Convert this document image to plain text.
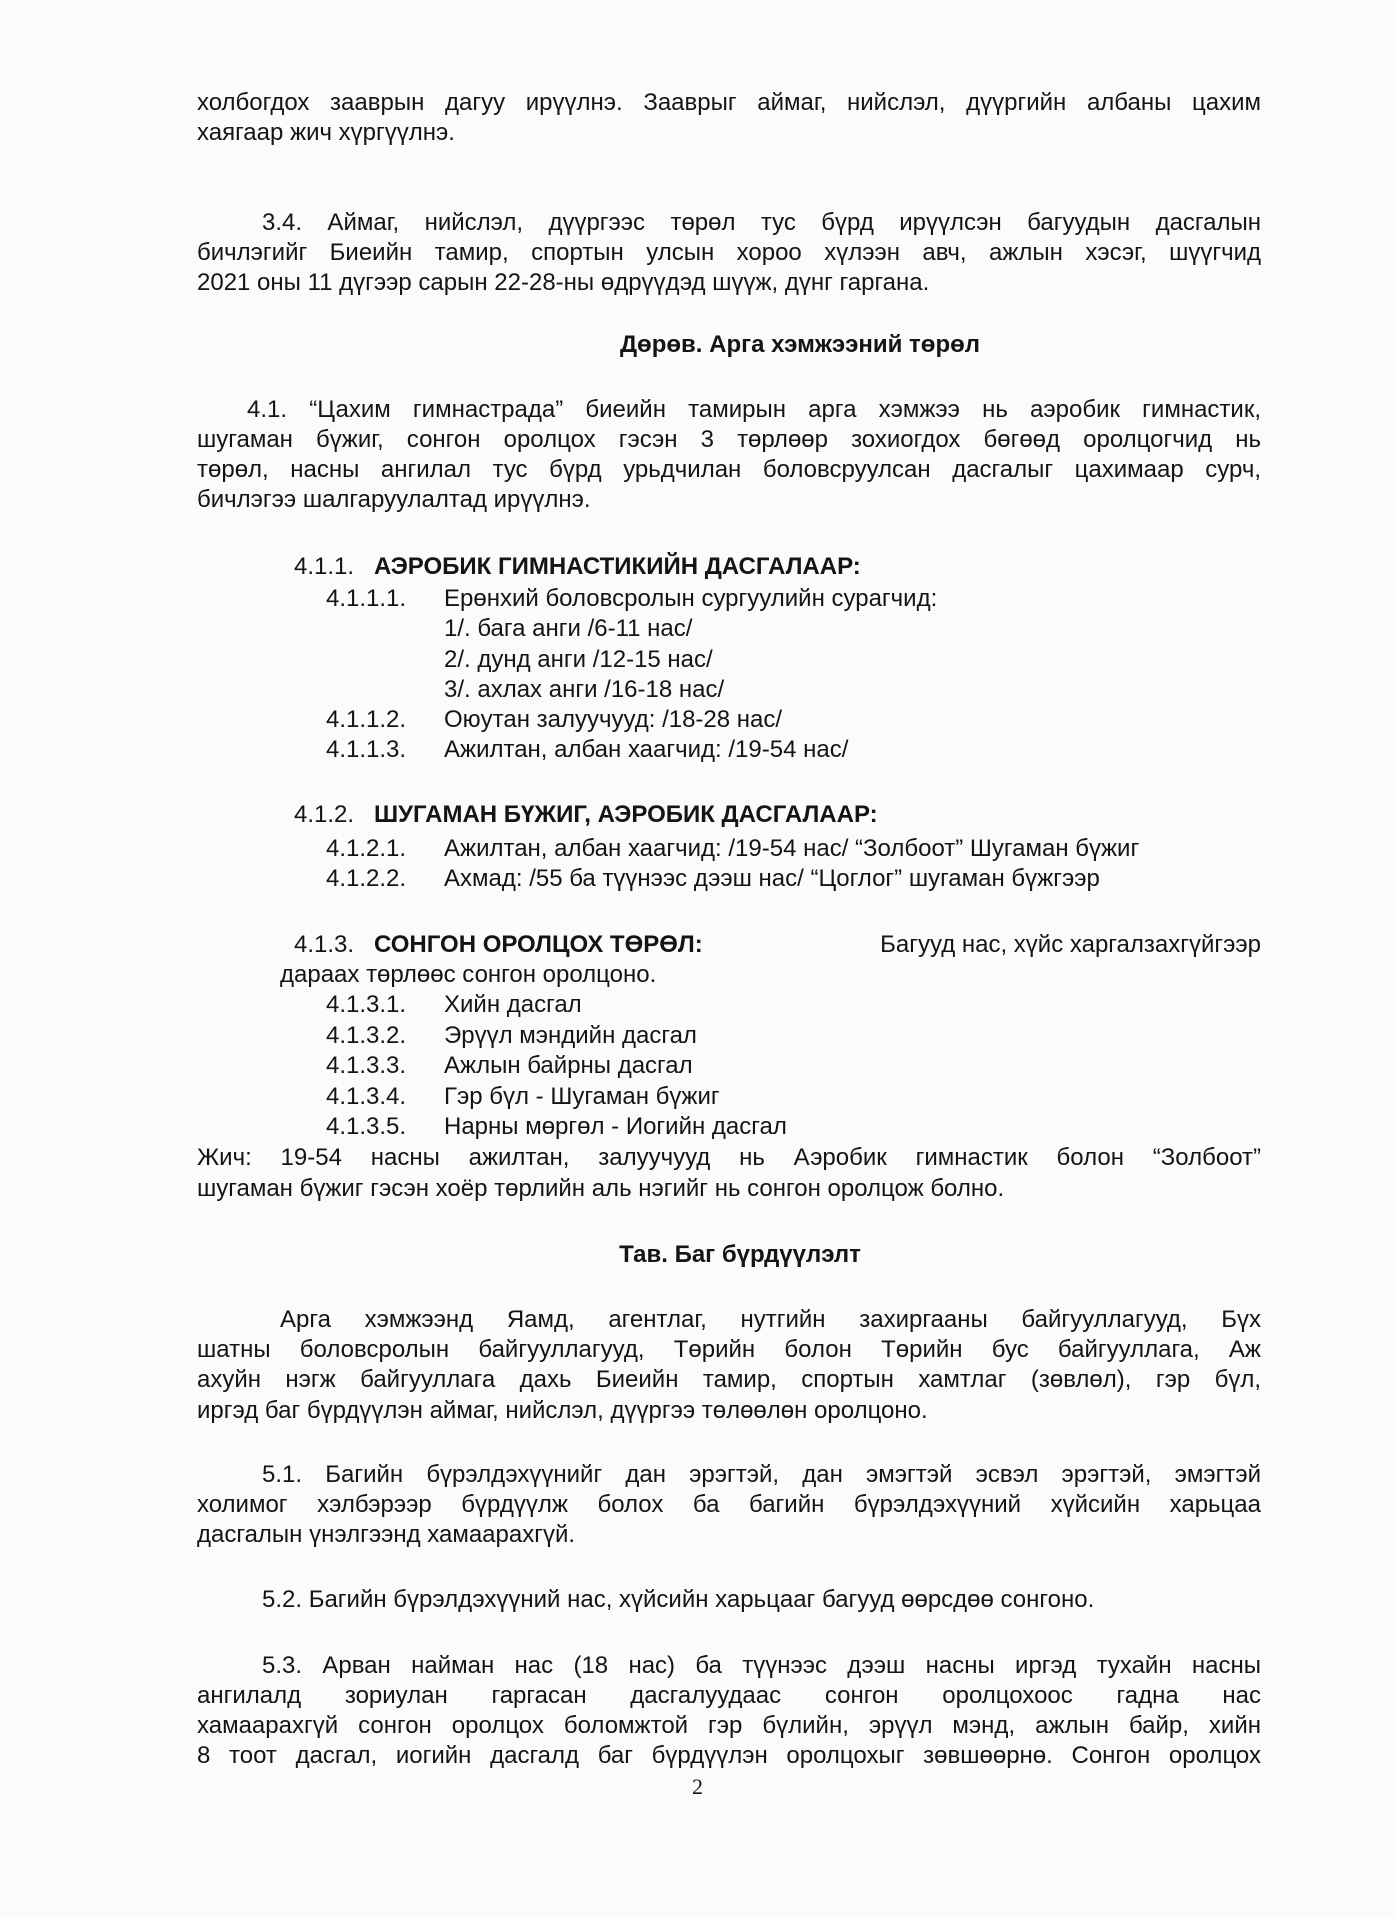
холбогдох зааврын дагуу ирүүлнэ. Зааврыг аймаг, нийслэл, дүүргийн албаны цахим
хаягаар жич хүргүүлнэ.
3.4. Аймаг, нийслэл, дүүргээс төрөл тус бүрд ирүүлсэн багуудын дасгалын
бичлэгийг Биеийн тамир, спортын улсын хороо хүлээн авч, ажлын хэсэг, шүүгчид
2021 оны 11 дүгээр сарын 22-28-ны өдрүүдэд шүүж, дүнг гаргана.
Дөрөв. Арга хэмжээний төрөл
4.1. “Цахим гимнастрада” биеийн тамирын арга хэмжээ нь аэробик гимнастик,
шугаман бүжиг, сонгон оролцох гэсэн 3 төрлөөр зохиогдох бөгөөд оролцогчид нь
төрөл, насны ангилал тус бүрд урьдчилан боловсруулсан дасгалыг цахимаар сурч,
бичлэгээ шалгаруулалтад ирүүлнэ.
4.1.1. АЭРОБИК ГИМНАСТИКИЙН ДАСГАЛААР:
4.1.1.1. Ерөнхий боловсролын сургуулийн сурагчид:
1/. бага анги /6-11 нас/
2/. дунд анги /12-15 нас/
3/. ахлах анги /16-18 нас/
4.1.1.2. Оюутан залуучууд: /18-28 нас/
4.1.1.3. Ажилтан, албан хаагчид: /19-54 нас/
4.1.2. ШУГАМАН БҮЖИГ, АЭРОБИК ДАСГАЛААР:
4.1.2.1. Ажилтан, албан хаагчид: /19-54 нас/ “Золбоот” Шугаман бүжиг
4.1.2.2. Ахмад: /55 ба түүнээс дээш нас/ “Цоглог” шугаман бүжгээр
4.1.3. СОНГОН ОРОЛЦОХ ТӨРӨЛ:	Багууд нас, хүйс харгалзахгүйгээр
дараах төрлөөс сонгон оролцоно.
4.1.3.1. Хийн дасгал
4.1.3.2. Эрүүл мэндийн дасгал
4.1.3.3. Ажлын байрны дасгал
4.1.3.4. Гэр бүл - Шугаман бүжиг
4.1.3.5. Нарны мөргөл - Иогийн дасгал
Жич: 19-54 насны ажилтан, залуучууд нь Аэробик гимнастик болон “Золбоот”
шугаман бүжиг гэсэн хоёр төрлийн аль нэгийг нь сонгон оролцож болно.
Тав. Баг бүрдүүлэлт
Арга хэмжээнд Яамд, агентлаг, нутгийн захиргааны байгууллагууд, Бүх
шатны боловсролын байгууллагууд, Төрийн болон Төрийн бус байгууллага, Аж
ахуйн нэгж байгууллага дахь Биеийн тамир, спортын хамтлаг (зөвлөл), гэр бүл,
иргэд баг бүрдүүлэн аймаг, нийслэл, дүүргээ төлөөлөн оролцоно.
5.1. Багийн бүрэлдэхүүнийг дан эрэгтэй, дан эмэгтэй эсвэл эрэгтэй, эмэгтэй
холимог хэлбэрээр бүрдүүлж болох ба багийн бүрэлдэхүүний хүйсийн харьцаа
дасгалын үнэлгээнд хамаарахгүй.
5.2. Багийн бүрэлдэхүүний нас, хүйсийн харьцааг багууд өөрсдөө сонгоно.
5.3. Арван найман нас (18 нас) ба түүнээс дээш насны иргэд тухайн насны
ангилалд зориулан гаргасан дасгалуудаас сонгон оролцохоос гадна нас
хамаарахгүй сонгон оролцох боломжтой гэр бүлийн, эрүүл мэнд, ажлын байр, хийн
8 тоот дасгал, иогийн дасгалд баг бүрдүүлэн оролцохыг зөвшөөрнө. Сонгон оролцох
2
